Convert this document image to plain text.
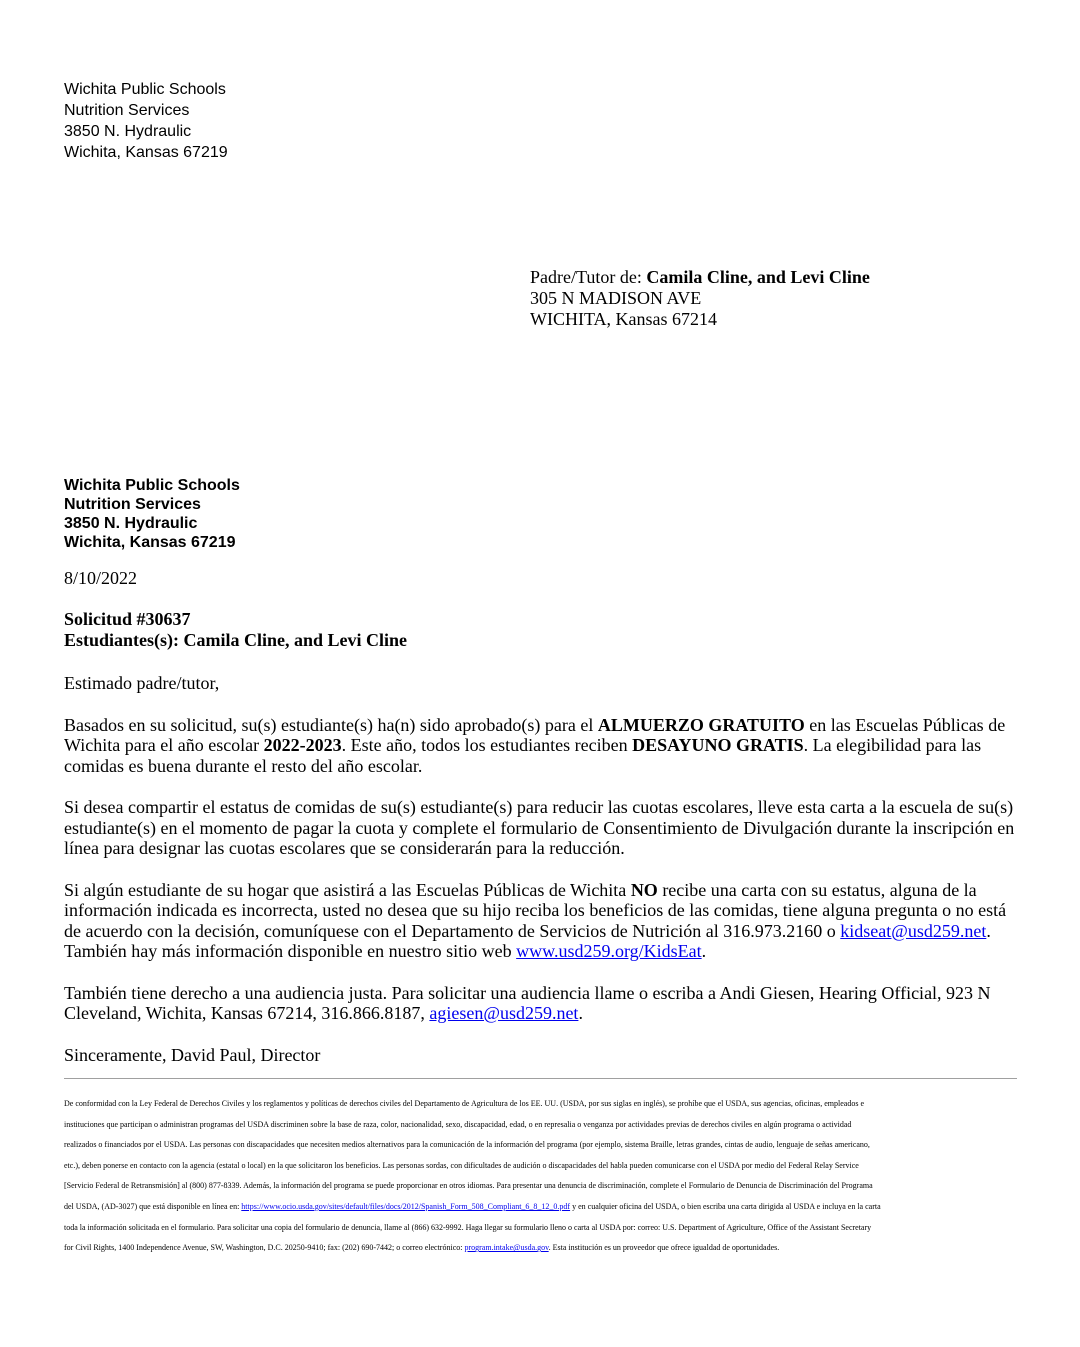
Wichita Public Schools
Nutrition Services
3850 N. Hydraulic
Wichita, Kansas 67219
Padre/Tutor de: Camila Cline, and Levi Cline
305 N MADISON AVE
WICHITA, Kansas 67214
Wichita Public Schools
Nutrition Services
3850 N. Hydraulic
Wichita, Kansas 67219
8/10/2022
Solicitud #30637
Estudiantes(s): Camila Cline, and Levi Cline

Estimado padre/tutor,

Basados en su solicitud, su(s) estudiante(s) ha(n) sido aprobado(s) para el ALMUERZO GRATUITO en las Escuelas Públicas de Wichita para el año escolar 2022-2023. Este año, todos los estudiantes reciben DESAYUNO GRATIS. La elegibilidad para las comidas es buena durante el resto del año escolar.

Si desea compartir el estatus de comidas de su(s) estudiante(s) para reducir las cuotas escolares, lleve esta carta a la escuela de su(s) estudiante(s) en el momento de pagar la cuota y complete el formulario de Consentimiento de Divulgación durante la inscripción en línea para designar las cuotas escolares que se considerarán para la reducción.

Si algún estudiante de su hogar que asistirá a las Escuelas Públicas de Wichita NO recibe una carta con su estatus, alguna de la información indicada es incorrecta, usted no desea que su hijo reciba los beneficios de las comidas, tiene alguna pregunta o no está de acuerdo con la decisión, comuníquese con el Departamento de Servicios de Nutrición al 316.973.2160 o kidseat@usd259.net. También hay más información disponible en nuestro sitio web www.usd259.org/KidsEat.

También tiene derecho a una audiencia justa. Para solicitar una audiencia llame o escriba a Andi Giesen, Hearing Official, 923 N Cleveland, Wichita, Kansas 67214, 316.866.8187, agiesen@usd259.net.

Sinceramente, David Paul, Director

De conformidad con la Ley Federal de Derechos Civiles y los reglamentos y políticas de derechos civiles del Departamento de Agricultura de los EE. UU. (USDA, por sus siglas en inglés), se prohíbe que el USDA, sus agencias, oficinas, empleados e
instituciones que participan o administran programas del USDA discriminen sobre la base de raza, color, nacionalidad, sexo, discapacidad, edad, o en represalia o venganza por actividades previas de derechos civiles en algún programa o actividad
realizados o financiados por el USDA. Las personas con discapacidades que necesiten medios alternativos para la comunicación de la información del programa (por ejemplo, sistema Braille, letras grandes, cintas de audio, lenguaje de señas americano,
etc.), deben ponerse en contacto con la agencia (estatal o local) en la que solicitaron los beneficios. Las personas sordas, con dificultades de audición o discapacidades del habla pueden comunicarse con el USDA por medio del Federal Relay Service
[Servicio Federal de Retransmisión] al (800) 877-8339. Además, la información del programa se puede proporcionar en otros idiomas. Para presentar una denuncia de discriminación, complete el Formulario de Denuncia de Discriminación del Programa
del USDA, (AD-3027) que está disponible en línea en: https://www.ocio.usda.gov/sites/default/files/docs/2012/Spanish_Form_508_Compliant_6_8_12_0.pdf y en cualquier oficina del USDA, o bien escriba una carta dirigida al USDA e incluya en la carta
toda la información solicitada en el formulario. Para solicitar una copia del formulario de denuncia, llame al (866) 632-9992. Haga llegar su formulario lleno o carta al USDA por: correo: U.S. Department of Agriculture, Office of the Assistant Secretary
for Civil Rights, 1400 Independence Avenue, SW, Washington, D.C. 20250-9410; fax: (202) 690-7442; o correo electrónico: program.intake@usda.gov. Esta institución es un proveedor que ofrece igualdad de oportunidades.
